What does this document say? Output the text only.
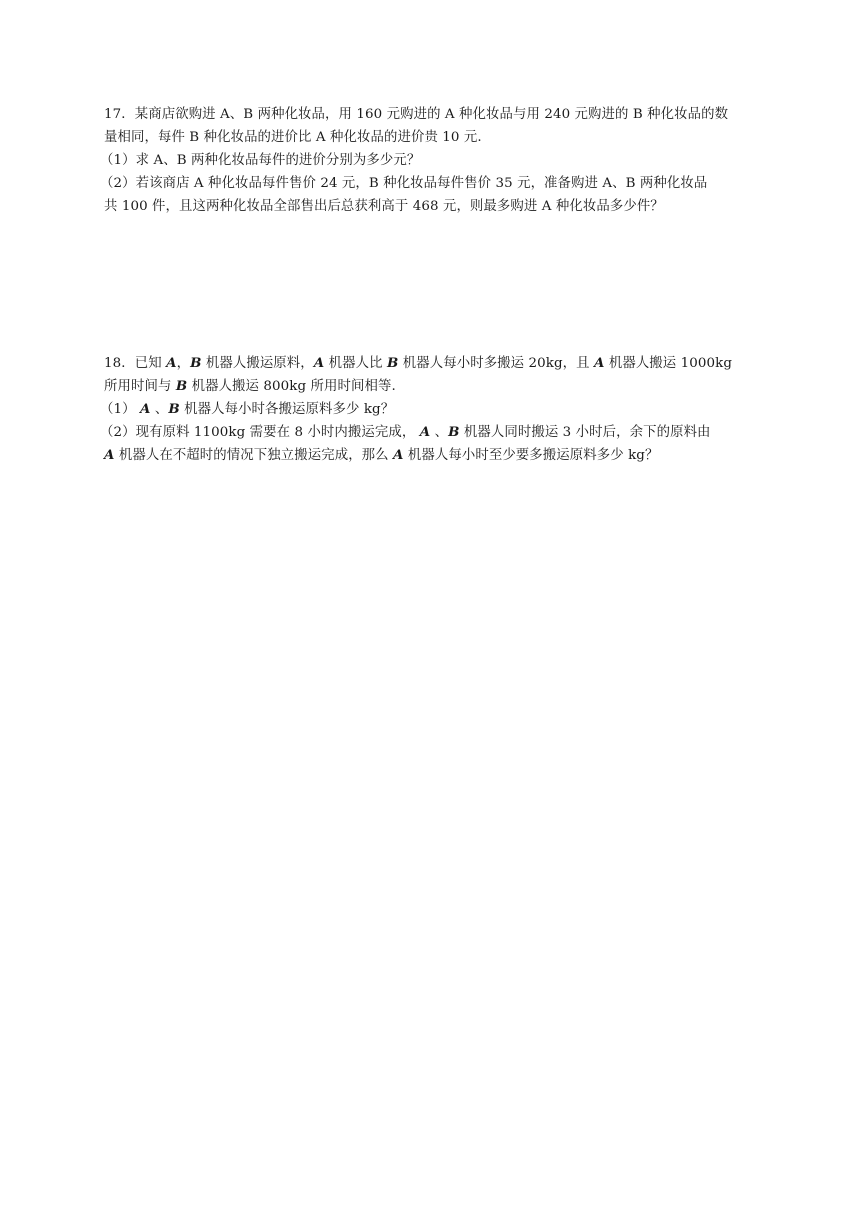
17．某商店欲购进 A、B 两种化妆品，用 160 元购进的 A 种化妆品与用 240 元购进的 B 种化妆品的数
量相同，每件 B 种化妆品的进价比 A 种化妆品的进价贵 10 元.
（1）求 A、B 两种化妆品每件的进价分别为多少元？
（2）若该商店 A 种化妆品每件售价 24 元，B 种化妆品每件售价 35 元，准备购进 A、B 两种化妆品
共 100 件，且这两种化妆品全部售出后总获利高于 468 元，则最多购进 A 种化妆品多少件？
18．已知 A，B 机器人搬运原料，A 机器人比 B 机器人每小时多搬运 20kg，且 A 机器人搬运 1000kg
所用时间与 B 机器人搬运 800kg 所用时间相等.
（1） A 、B 机器人每小时各搬运原料多少 kg？
（2）现有原料 1100kg 需要在 8 小时内搬运完成， A 、B 机器人同时搬运 3 小时后，余下的原料由
A 机器人在不超时的情况下独立搬运完成，那么 A 机器人每小时至少要多搬运原料多少 kg？
